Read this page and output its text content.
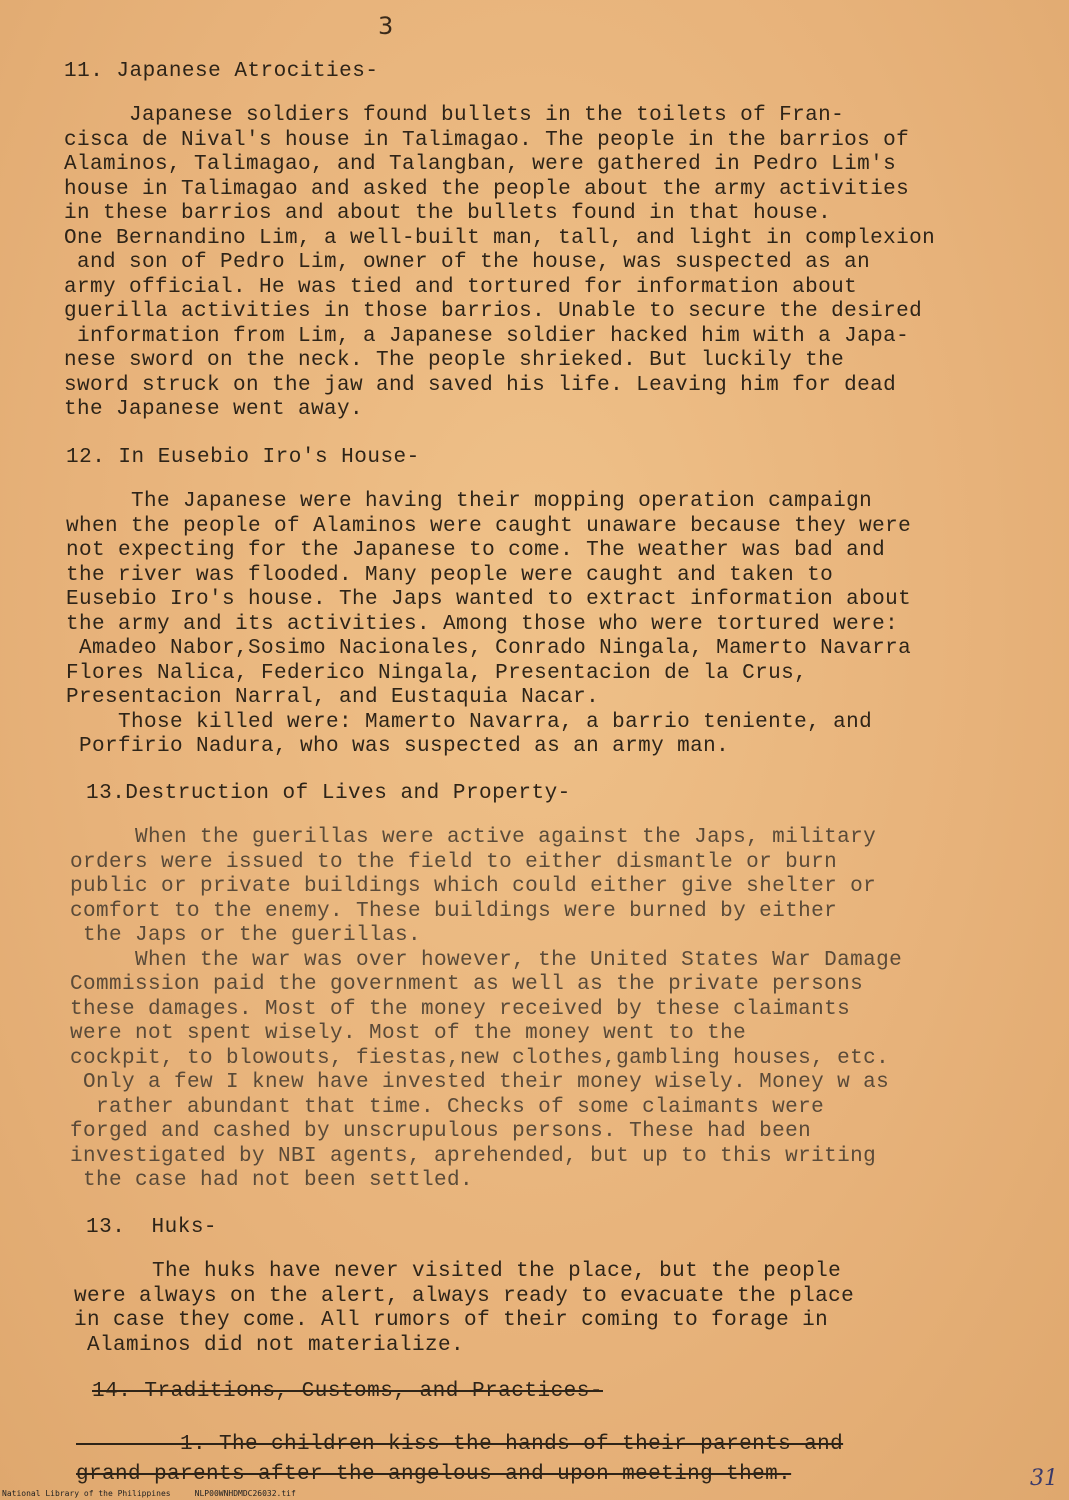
3
11. Japanese Atrocities-
Japanese soldiers found bullets in the toilets of Fran-
cisca de Nival's house in Talimagao. The people in the barrios of
Alaminos, Talimagao, and Talangban, were gathered in Pedro Lim's
house in Talimagao and asked the people about the army activities
in these barrios and about the bullets found in that house.
One Bernandino Lim, a well-built man, tall, and light in complexion
and son of Pedro Lim, owner of the house, was suspected as an
army official. He was tied and tortured for information about
guerilla activities in those barrios. Unable to secure the desired
information from Lim, a Japanese soldier hacked him with a Japa-
nese sword on the neck. The people shrieked. But luckily the
sword struck on the jaw and saved his life. Leaving him for dead
the Japanese went away.
12. In Eusebio Iro's House-
The Japanese were having their mopping operation campaign
when the people of Alaminos were caught unaware because they were
not expecting for the Japanese to come. The weather was bad and
the river was flooded. Many people were caught and taken to
Eusebio Iro's house. The Japs wanted to extract information about
the army and its activities. Among those who were tortured were:
Amadeo Nabor,Sosimo Nacionales, Conrado Ningala, Mamerto Navarra
Flores Nalica, Federico Ningala, Presentacion de la Crus,
Presentacion Narral, and Eustaquia Nacar.
Those killed were: Mamerto Navarra, a barrio teniente, and
Porfirio Nadura, who was suspected as an army man.
13.Destruction of Lives and Property-
When the guerillas were active against the Japs, military
orders were issued to the field to either dismantle or burn
public or private buildings which could either give shelter or
comfort to the enemy. These buildings were burned by either
the Japs or the guerillas.
When the war was over however, the United States War Damage
Commission paid the government as well as the private persons
these damages. Most of the money received by these claimants
were not spent wisely. Most of the money went to the
cockpit, to blowouts, fiestas,new clothes,gambling houses, etc.
Only a few I knew have invested their money wisely. Money w as
rather abundant that time. Checks of some claimants were
forged and cashed by unscrupulous persons. These had been
investigated by NBI agents, aprehended, but up to this writing
the case had not been settled.
13.  Huks-
The huks have never visited the place, but the people
were always on the alert, always ready to evacuate the place
in case they come. All rumors of their coming to forage in
Alaminos did not materialize.
14. Traditions, Customs, and Practices-
1. The children kiss the hands of their parents and
grand parents after the angelous and upon meeting them.
National Library of the Philippines	NLP00WNHDMDC26032.tif
31
